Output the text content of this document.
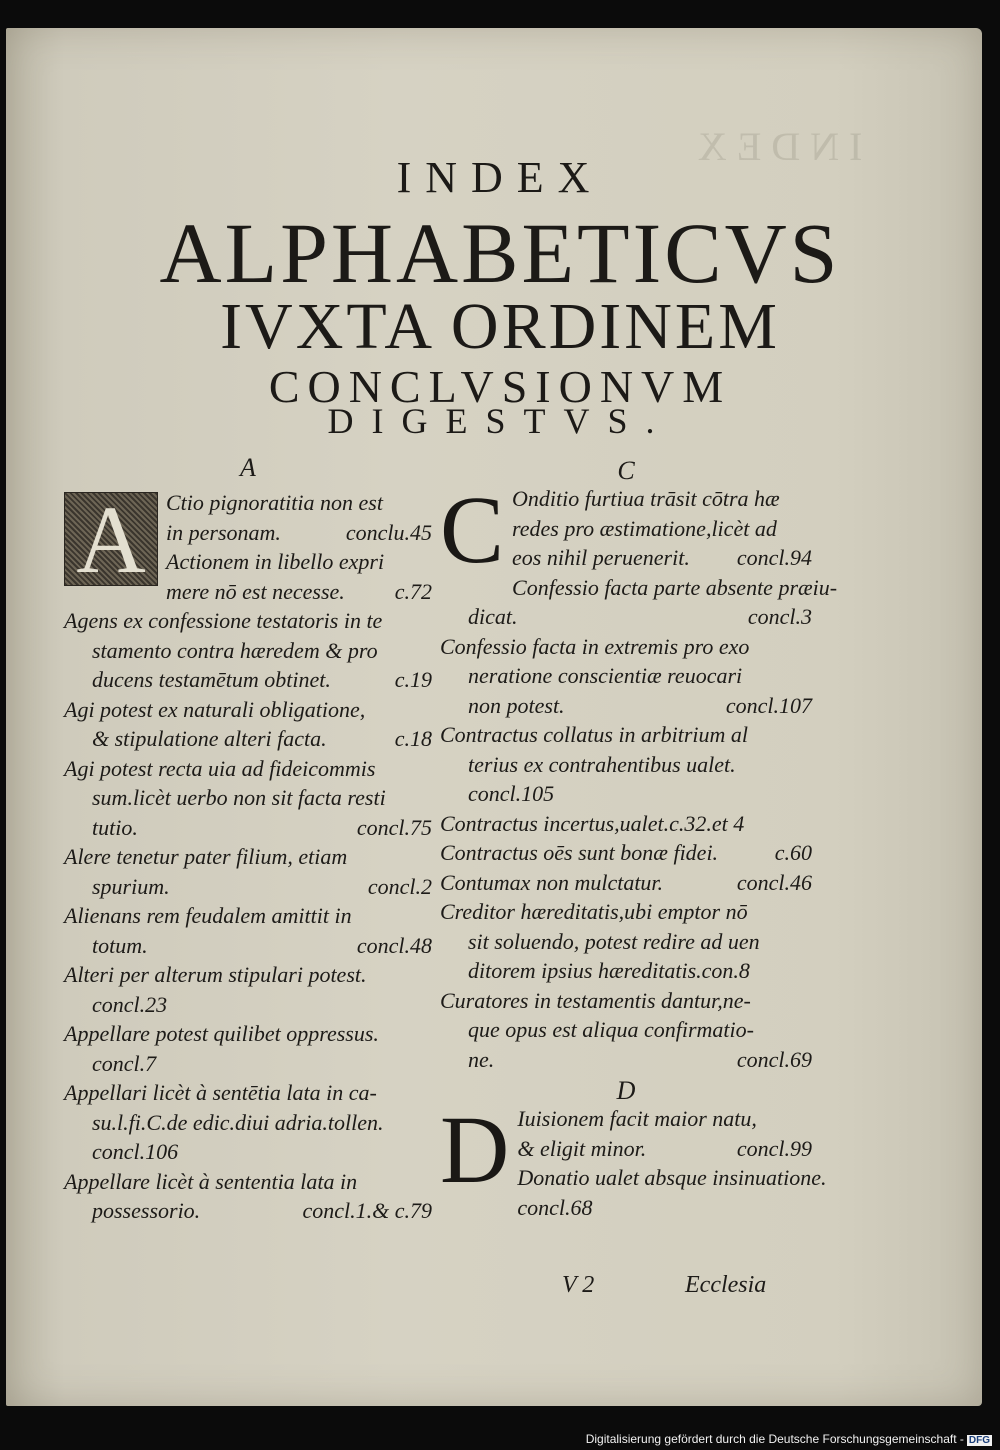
INDEX
INDEX
ALPHABETICVS
IVXTA ORDINEM
CONCLVSIONVM
DIGESTVS.
A
A Ctio pignoratitia non est
in personam.	conclu.45
Actionem in libello expri
mere nō est necesse. c.72
Agens ex confessione testatoris in te
stamento contra hæredem & pro
ducens testamētum obtinet.	c.19
Agi potest ex naturali obligatione,
& stipulatione alteri facta.	c.18
Agi potest recta uia ad fideicommis
sum.licèt uerbo non sit facta resti
tutio.	concl.75
Alere tenetur pater filium, etiam
spurium.	concl.2
Alienans rem feudalem amittit in
totum.	concl.48
Alteri per alterum stipulari potest.
concl.23
Appellare potest quilibet oppressus.
concl.7
Appellari licèt à sentētia lata in ca-
su.l.fi.C.de edic.diui adria.tollen.
concl.106
Appellare licèt à sententia lata in
possessorio.	concl.1.& c.79
C
C Onditio furtiua trāsit cōtra hæ
redes pro æstimatione,licèt ad
eos nihil peruenerit. concl.94
Confessio facta parte absente præiu-
dicat.	concl.3
Confessio facta in extremis pro exo
neratione conscientiæ reuocari
non potest.	concl.107
Contractus collatus in arbitrium al
terius ex contrahentibus ualet.
concl.105
Contractus incertus,ualet.c.32.et 4
Contractus oēs sunt bonæ fidei.	c.60
Contumax non mulctatur.	concl.46
Creditor hæreditatis,ubi emptor nō
sit soluendo, potest redire ad uen
ditorem ipsius hæreditatis.con.8
Curatores in testamentis dantur,ne-
que opus est aliqua confirmatio-
ne.	concl.69
D
D Iuisionem facit maior natu,
& eligit minor.	concl.99
Donatio ualet absque insinuatione.
concl.68
V 2	Ecclesia
Digitalisierung gefördert durch die Deutsche Forschungsgemeinschaft - DFG
